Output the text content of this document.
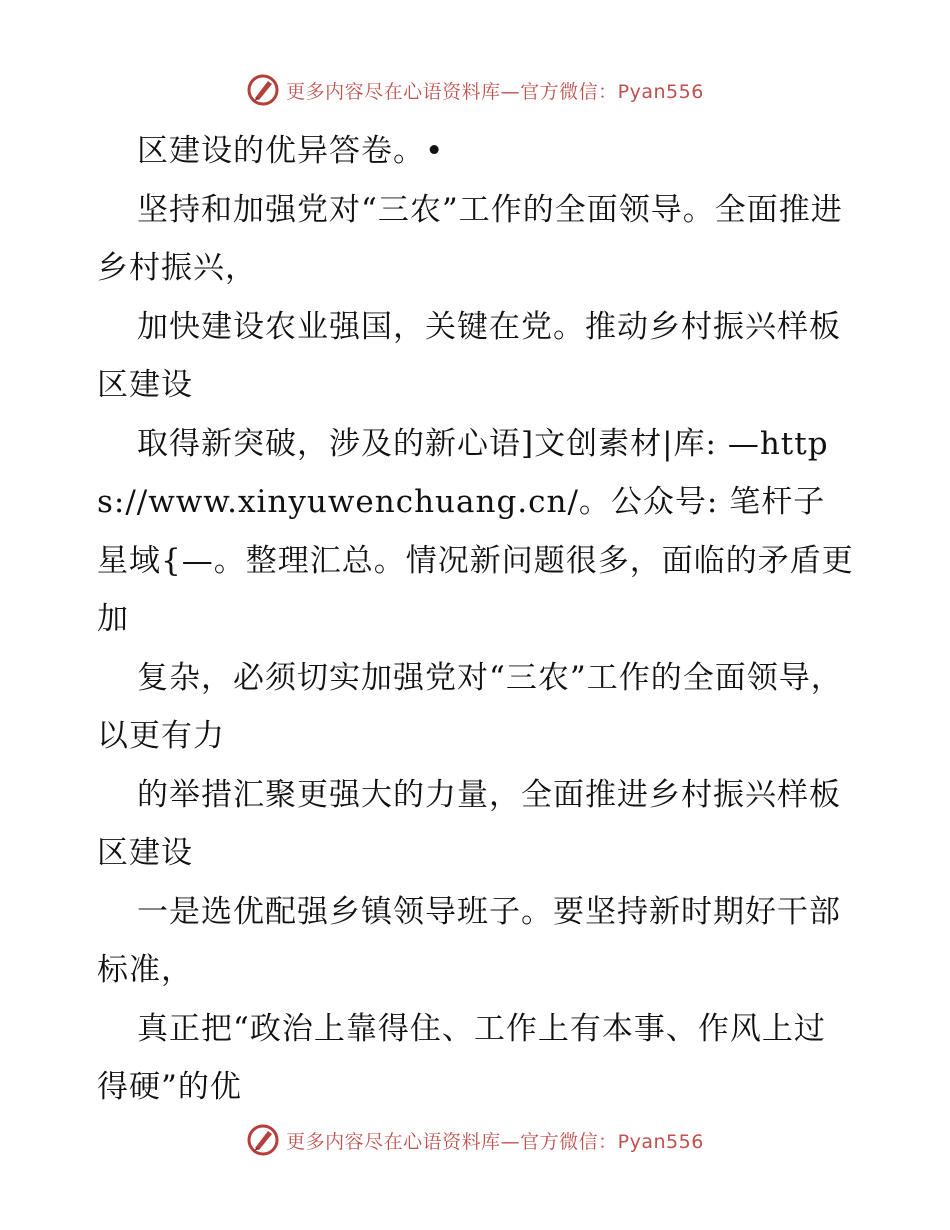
更多内容尽在心语资料库—官方微信：Pyan556

区建设的优异答卷。•

坚持和加强党对“三农”工作的全面领导。全面推进乡村振兴，

加快建设农业强国，关键在党。推动乡村振兴样板区建设

取得新突破，涉及的新心语]文创素材|库: —https://www.xinyuwenchuang.cn/。公众号: 笔杆子星域{—。整理汇总。情况新问题很多，面临的矛盾更加

复杂，必须切实加强党对“三农”工作的全面领导，以更有力

的举措汇聚更强大的力量，全面推进乡村振兴样板区建设

一是选优配强乡镇领导班子。要坚持新时期好干部标准，

真正把“政治上靠得住、工作上有本事、作风上过得硬”的优

更多内容尽在心语资料库—官方微信：Pyan556
